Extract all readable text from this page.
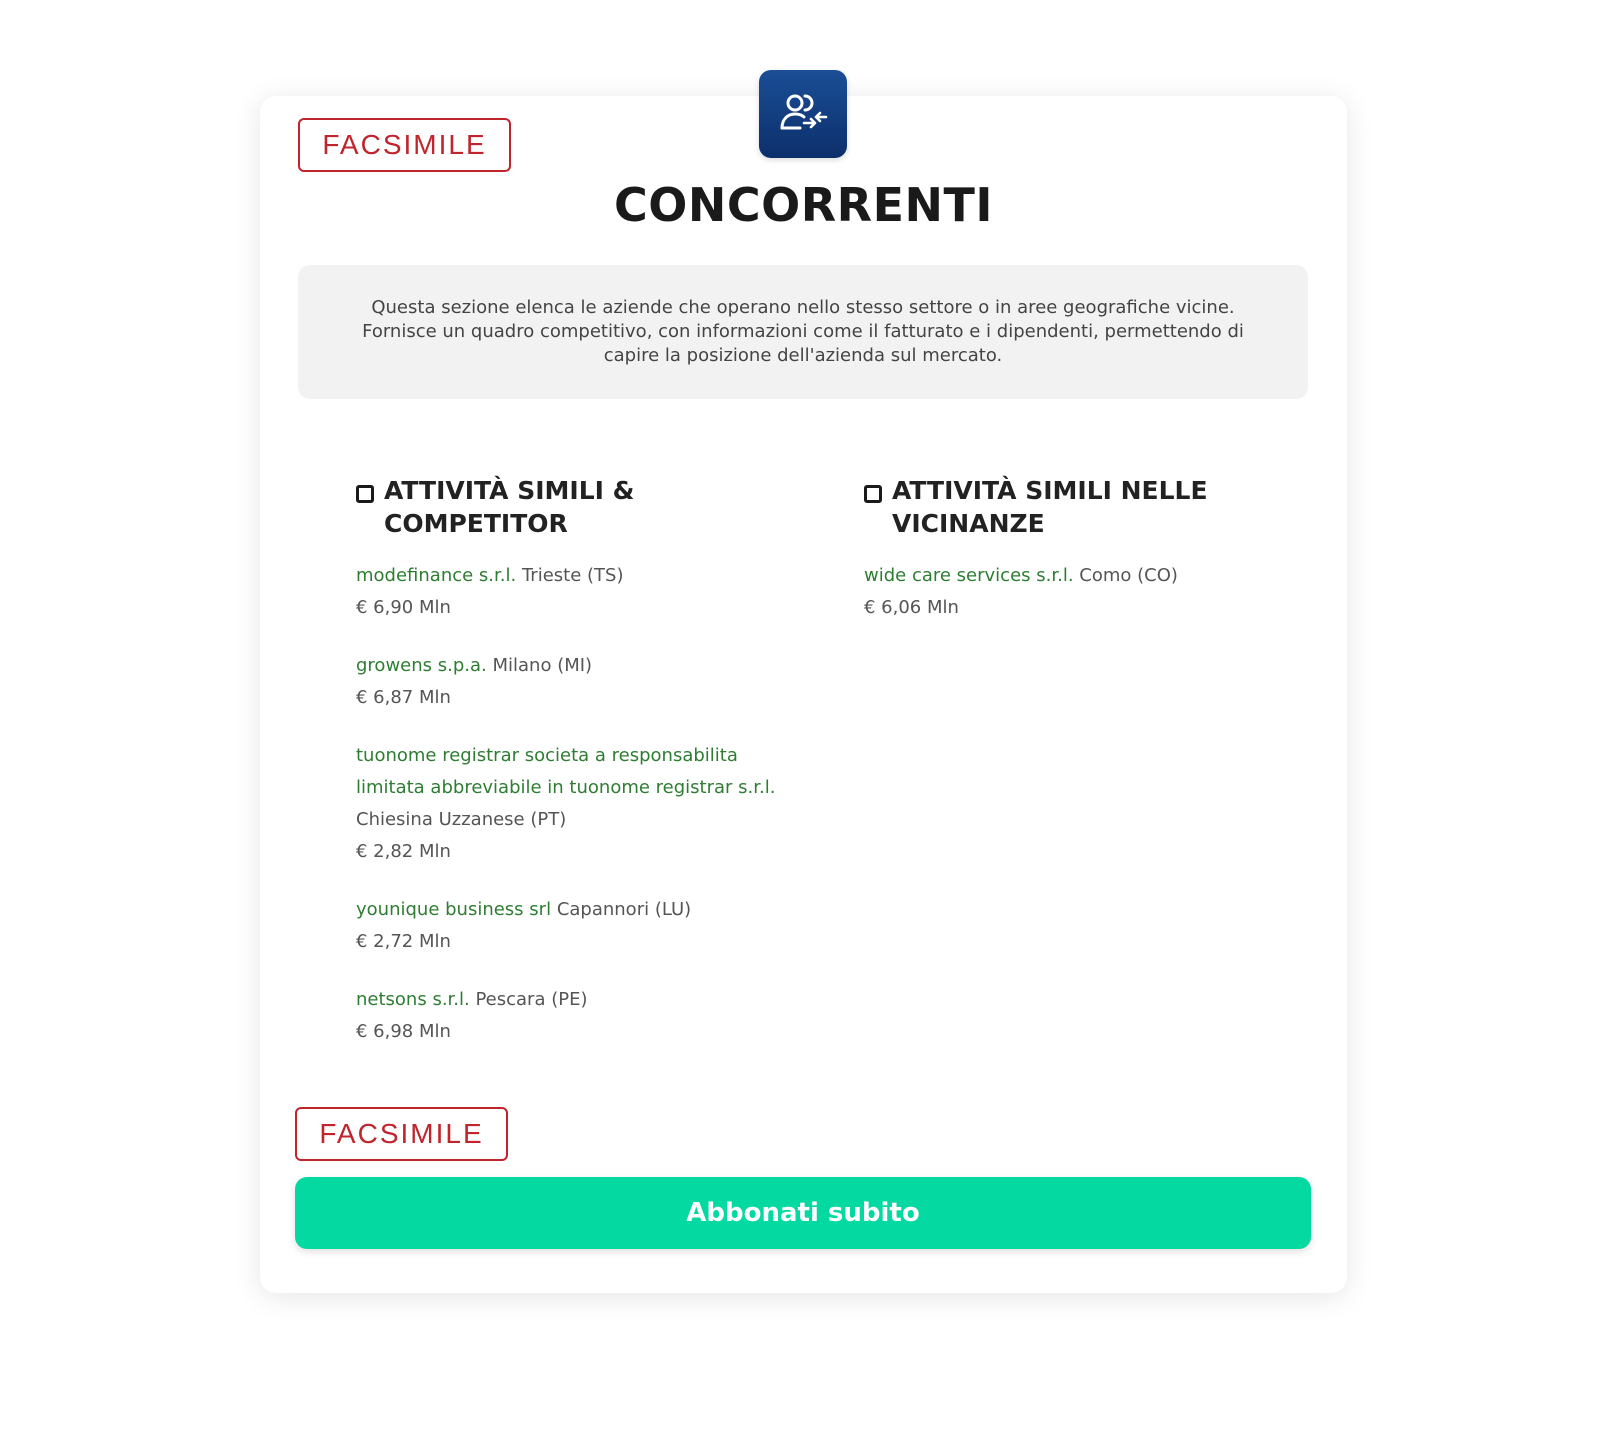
FACSIMILE
CONCORRENTI

Questa sezione elenca le aziende che operano nello stesso settore o in aree geografiche vicine. Fornisce un quadro competitivo, con informazioni come il fatturato e i dipendenti, permettendo di capire la posizione dell'azienda sul mercato.

ATTIVITÀ SIMILI & COMPETITOR
modefinance s.r.l. Trieste (TS)
€ 6,90 Mln
growens s.p.a. Milano (MI)
€ 6,87 Mln
tuonome registrar societa a responsabilita limitata abbreviabile in tuonome registrar s.r.l. Chiesina Uzzanese (PT)
€ 2,82 Mln
younique business srl Capannori (LU)
€ 2,72 Mln
netsons s.r.l. Pescara (PE)
€ 6,98 Mln
ATTIVITÀ SIMILI NELLE VICINANZE
wide care services s.r.l. Como (CO)
€ 6,06 Mln
FACSIMILE
Abbonati subito
